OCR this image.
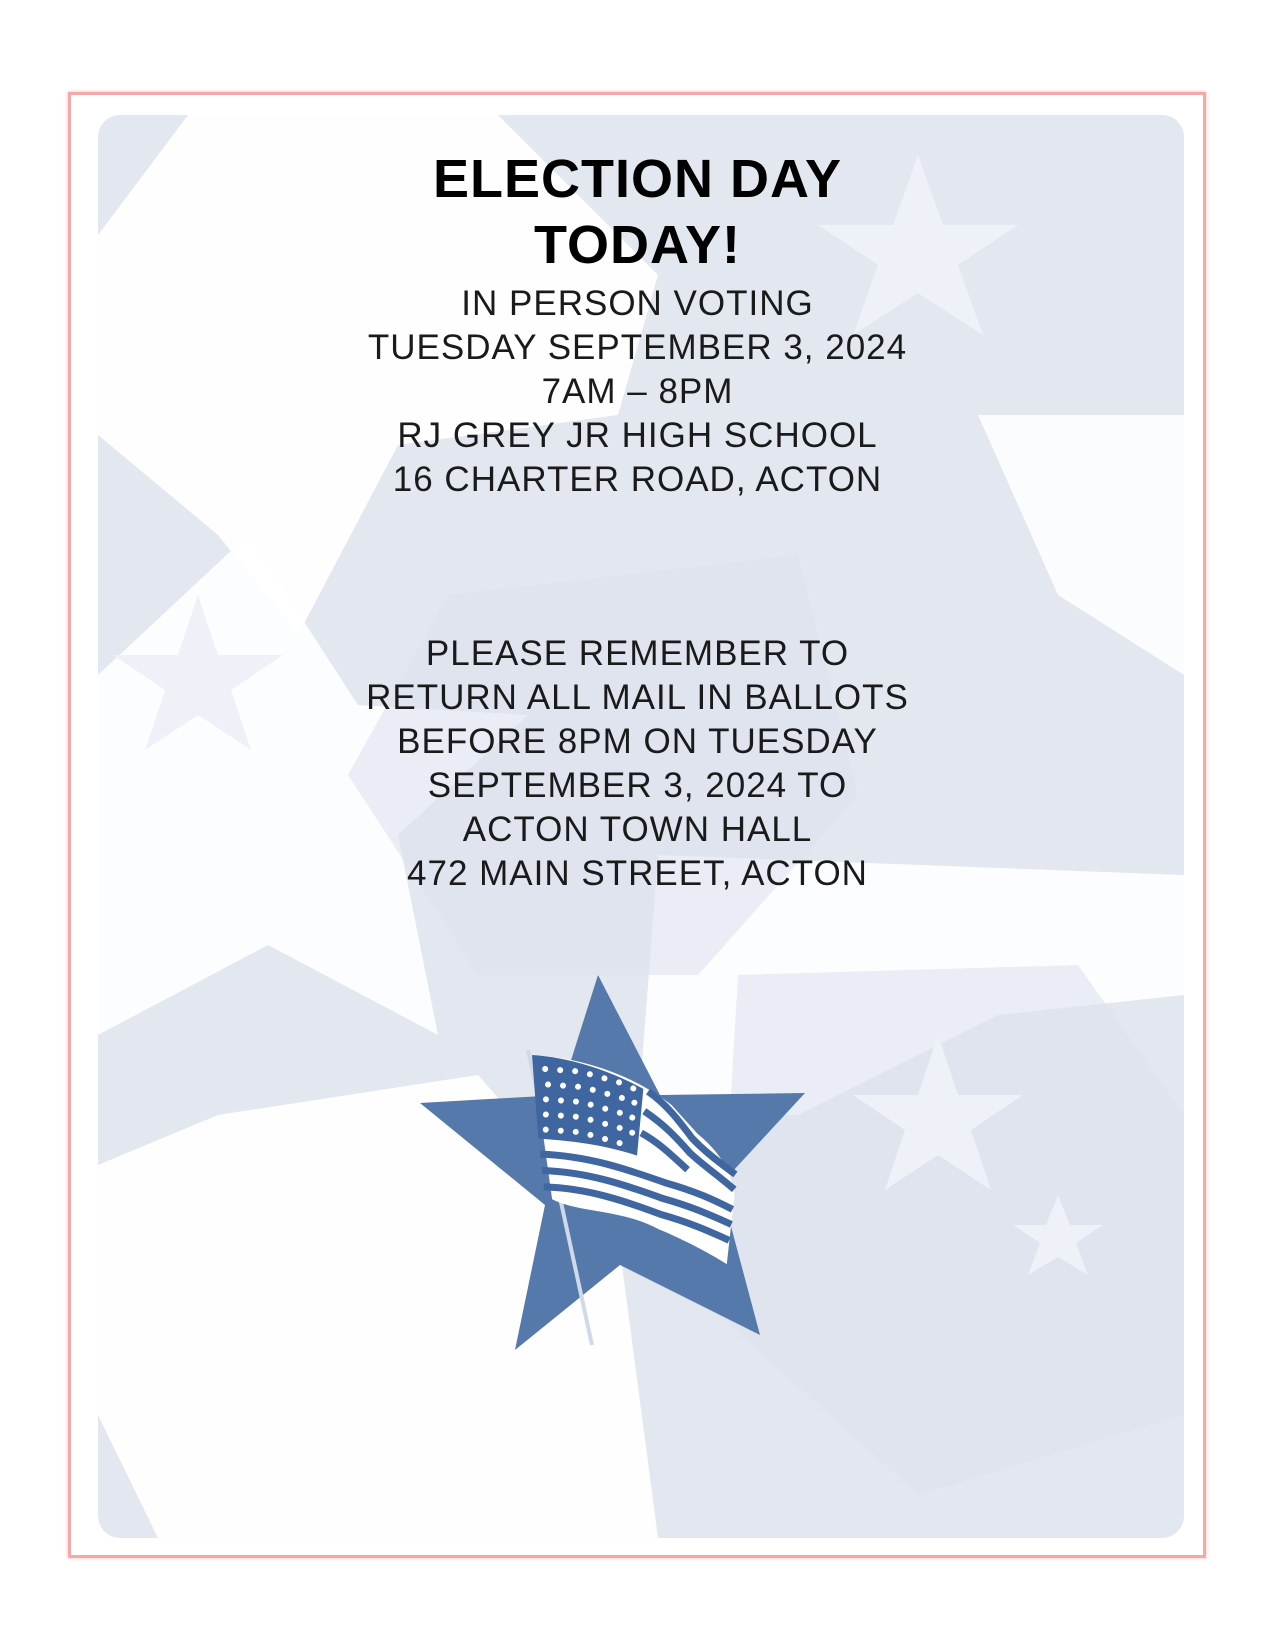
ELECTION DAY
TODAY!
IN PERSON VOTING
TUESDAY SEPTEMBER 3, 2024
7AM – 8PM
RJ GREY JR HIGH SCHOOL
16 CHARTER ROAD, ACTON
PLEASE REMEMBER TO
RETURN ALL MAIL IN BALLOTS
BEFORE 8PM ON TUESDAY
SEPTEMBER 3, 2024 TO
ACTON TOWN HALL
472 MAIN STREET, ACTON
